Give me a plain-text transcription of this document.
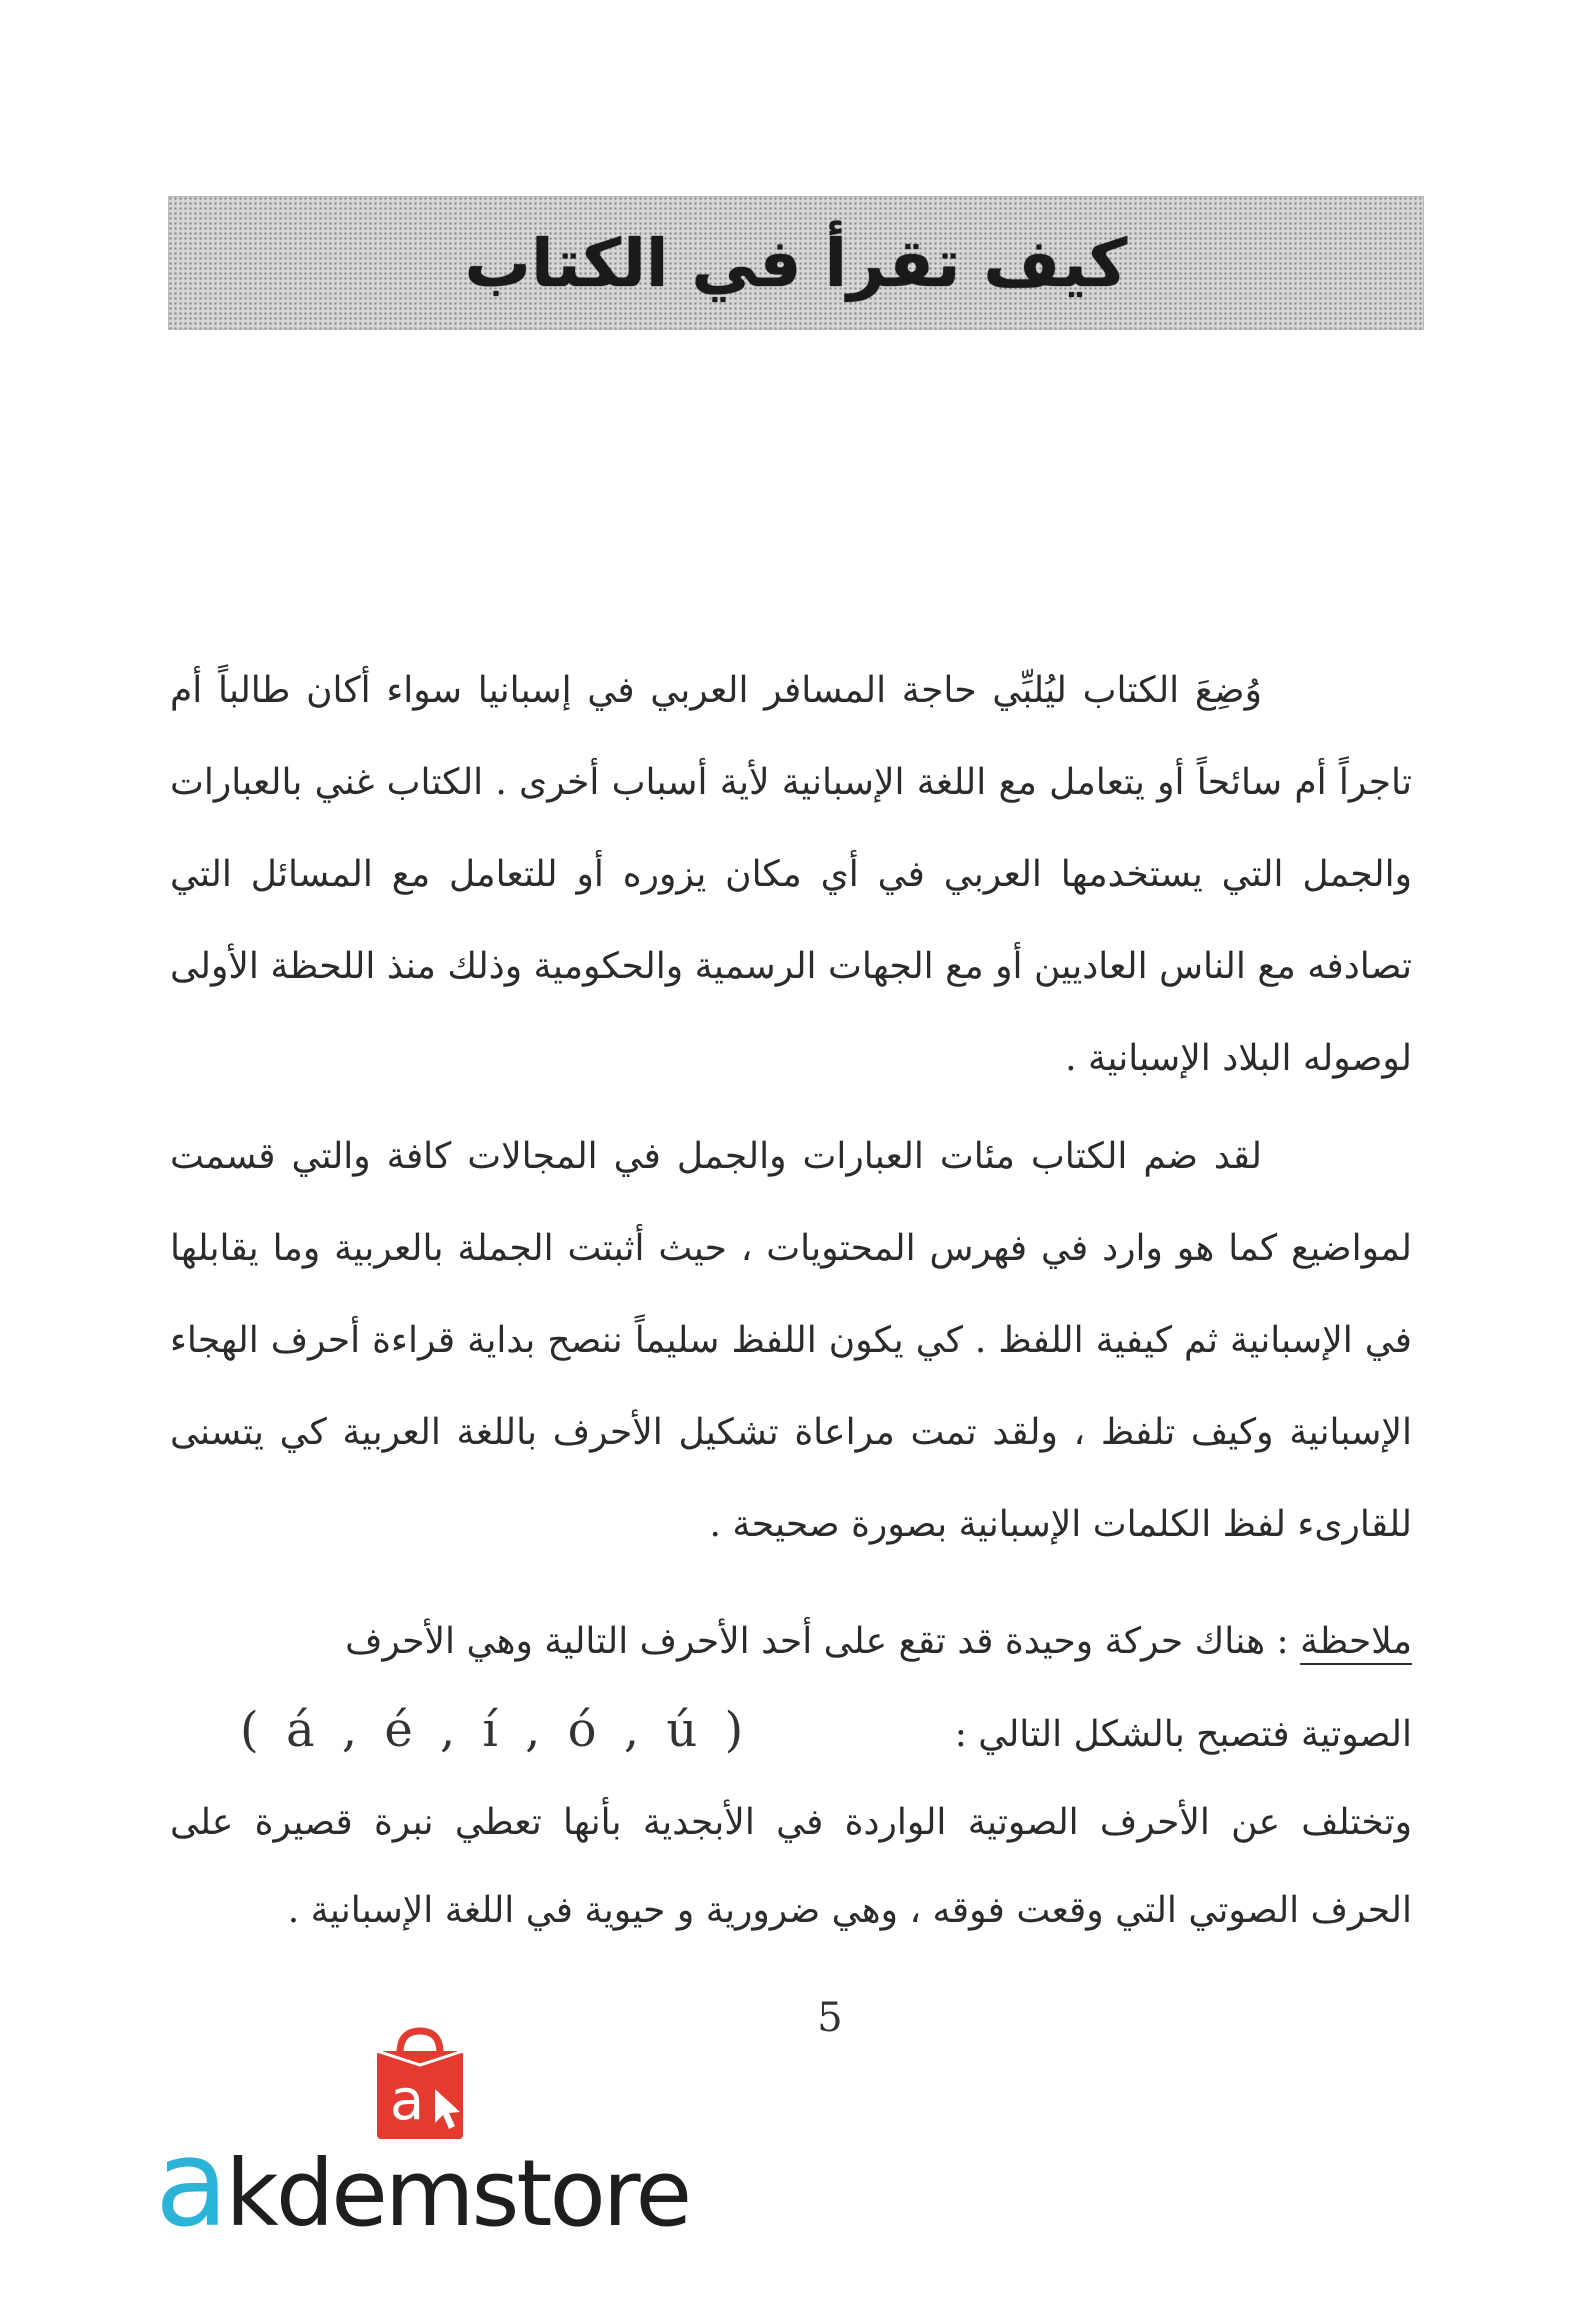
كيف تقرأ في الكتاب

وُضِعَ الكتاب ليُلبِّي حاجة المسافر العربي في إسبانيا سواء أكان طالباً أم تاجراً أم سائحاً أو يتعامل مع اللغة الإسبانية لأية أسباب أخرى . الكتاب غني بالعبارات والجمل التي يستخدمها العربي في أي مكان يزوره أو للتعامل مع المسائل التي تصادفه مع الناس العاديين أو مع الجهات الرسمية والحكومية وذلك منذ اللحظة الأولى لوصوله البلاد الإسبانية .

لقد ضم الكتاب مئات العبارات والجمل في المجالات كافة والتي قسمت لمواضيع كما هو وارد في فهرس المحتويات ، حيث أثبتت الجملة بالعربية وما يقابلها في الإسبانية ثم كيفية اللفظ . كي يكون اللفظ سليماً ننصح بداية قراءة أحرف الهجاء الإسبانية وكيف تلفظ ، ولقد تمت مراعاة تشكيل الأحرف باللغة العربية كي يتسنى للقارىء لفظ الكلمات الإسبانية بصورة صحيحة .

ملاحظة : هناك حركة وحيدة قد تقع على أحد الأحرف التالية وهي الأحرف

الصوتية فتصبح بالشكل التالي :
( á , é , í , ó , ú )

وتختلف عن الأحرف الصوتية الواردة في الأبجدية بأنها تعطي نبرة قصيرة على الحرف الصوتي التي وقعت فوقه ، وهي ضرورية و حيوية في اللغة الإسبانية .

5
a
akdemstore
